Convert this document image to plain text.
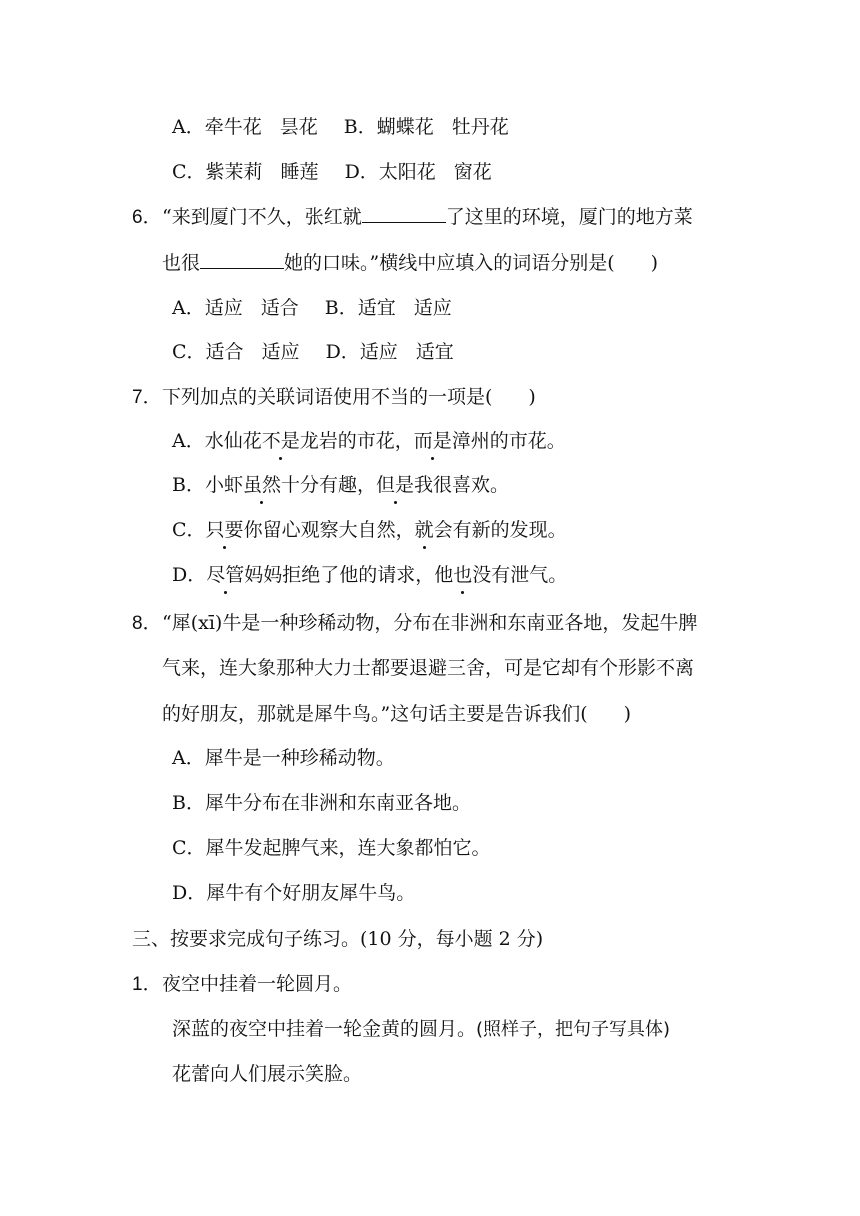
A．牵牛花 昙花 B．蝴蝶花 牡丹花
C．紫茉莉 睡莲 D．太阳花 窗花
6．“来到厦门不久，张红就	了这里的环境，厦门的地方菜
也很	她的口味。”横线中应填入的词语分别是( )
A．适应 适合 B．适宜 适应
C．适合 适应 D．适应 适宜
7．下列加点的关联词语使用不当的一项是( )
A．水仙花不是龙岩的市花，而是漳州的市花。
B．小虾虽然十分有趣，但是我很喜欢。
C．只要你留心观察大自然，就会有新的发现。
D．尽管妈妈拒绝了他的请求，他也没有泄气。
8．“犀(xī)牛是一种珍稀动物，分布在非洲和东南亚各地，发起牛脾
气来，连大象那种大力士都要退避三舍，可是它却有个形影不离
的好朋友，那就是犀牛鸟。”这句话主要是告诉我们( )
A．犀牛是一种珍稀动物。
B．犀牛分布在非洲和东南亚各地。
C．犀牛发起脾气来，连大象都怕它。
D．犀牛有个好朋友犀牛鸟。
三、按要求完成句子练习。(10 分，每小题 2 分)
1．夜空中挂着一轮圆月。
深蓝的夜空中挂着一轮金黄的圆月。(照样子，把句子写具体)
花蕾向人们展示笑脸。
